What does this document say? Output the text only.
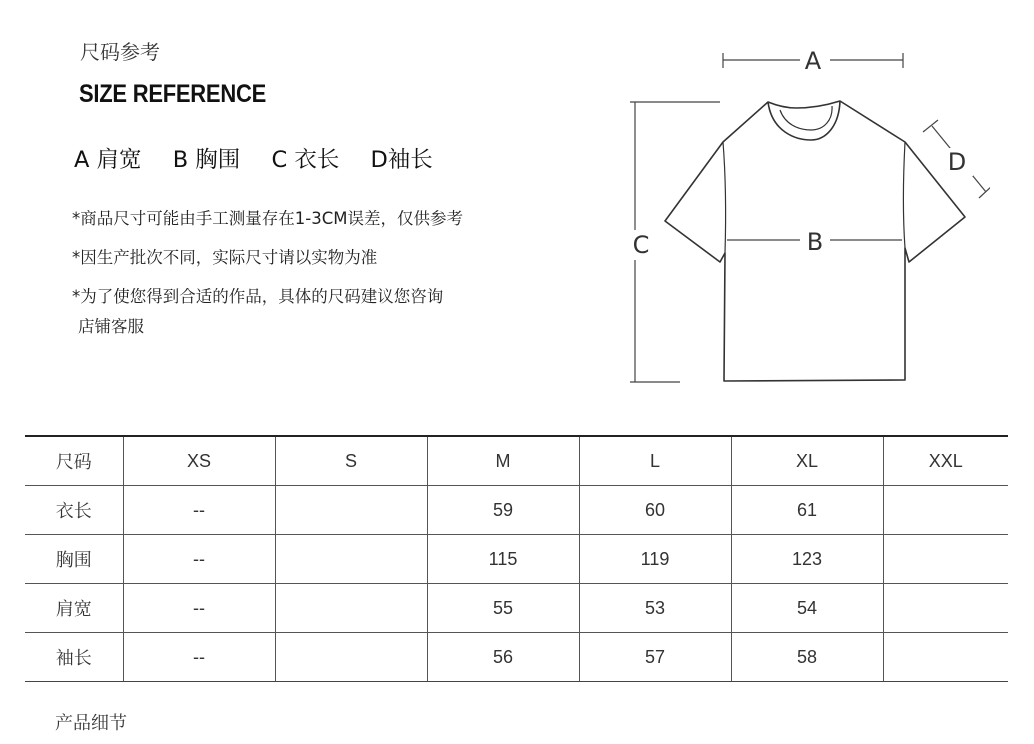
尺码参考
SIZE REFERENCE
A 肩宽 B 胸围 C 衣长 D袖长
*商品尺寸可能由手工测量存在1-3CM误差，仅供参考
*因生产批次不同，实际尺寸请以实物为准
*为了使您得到合适的作品，具体的尺码建议您咨询
店铺客服
A
C	B
D
尺码	XS	S	M	L	XL	XXL
衣长	--		59	60	61	
胸围	--		115	119	123	
肩宽	--		55	53	54	
袖长	--		56	57	58	
产品细节
